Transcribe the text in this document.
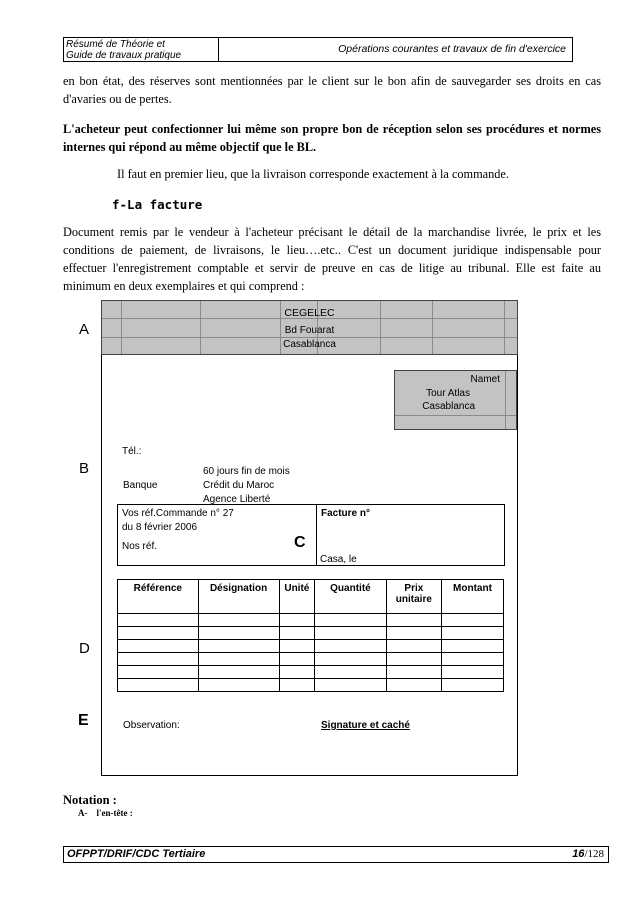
Résumé de Théorie et
Guide de travaux pratique
Opérations courantes et travaux de fin d'exercice
en bon état, des réserves sont mentionnées par le client sur le bon afin de sauvegarder ses droits en cas d'avaries ou de pertes.
L'acheteur peut confectionner lui même son propre bon de réception selon ses procédures et normes internes qui répond au même objectif que le BL.
Il faut en premier lieu, que la livraison corresponde exactement à la commande.
f-La facture
Document remis par le vendeur à l'acheteur précisant le détail de la marchandise livrée, le prix et les conditions de paiement, de livraisons, le lieu….etc.. C'est un document juridique indispensable pour effectuer l'enregistrement comptable et servir de preuve en cas de litige au tribunal. Elle est faite au minimum en deux exemplaires et qui comprend :
CEGELEC
Bd Fouarat
Casablanca
Namet
Tour Atlas
Casablanca
A
B
D
E
Tél.:
60 jours fin de mois
Banque	Crédit du Maroc
Agence Liberté
Vos réf.Commande n° 27
du 8 février 2006
Nos réf.	C
Facture n°
Casa, le
Référence	Désignation	Unité	Quantité	Prix unitaire	Montant

Observation:	Signature et caché
Notation :
A-    l'en-tête :
OFPPT/DRIF/CDC Tertiaire	16/128
